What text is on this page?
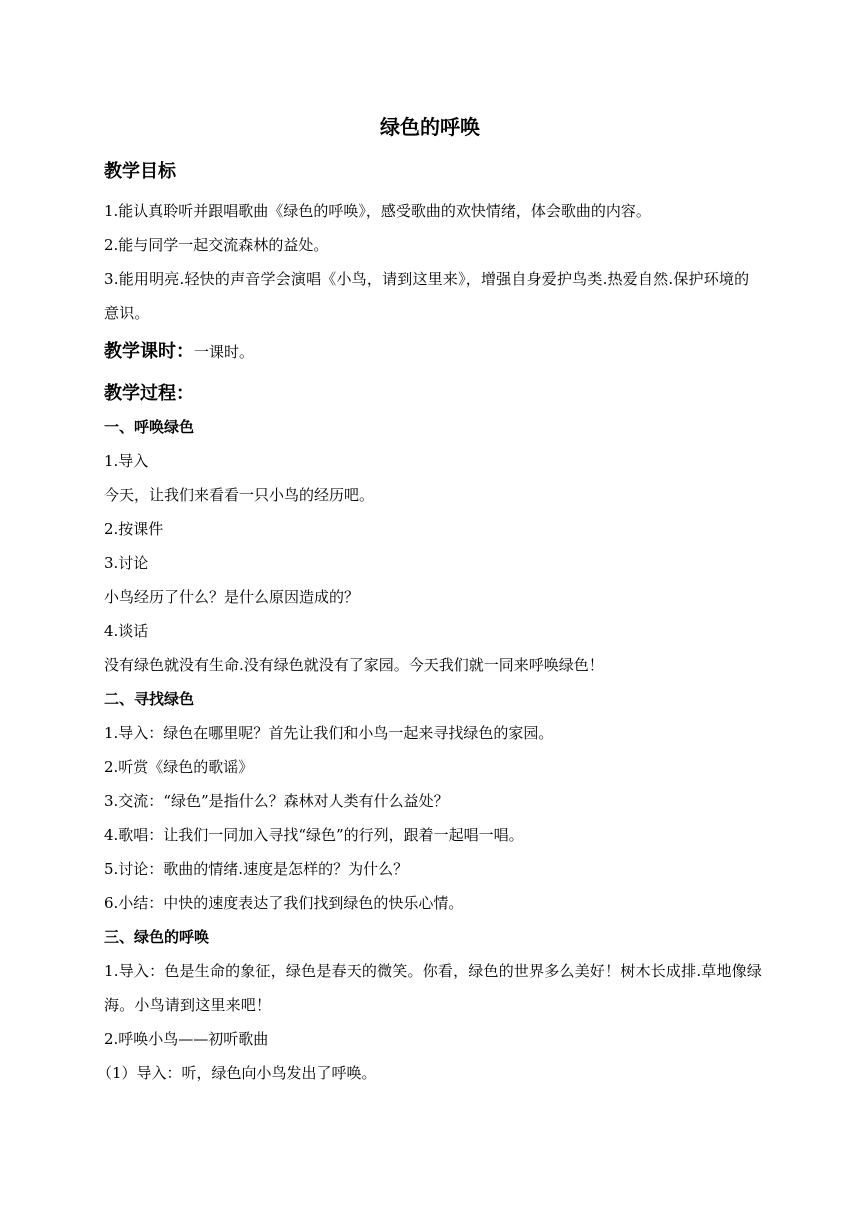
绿色的呼唤
教学目标
1.能认真聆听并跟唱歌曲《绿色的呼唤》，感受歌曲的欢快情绪，体会歌曲的内容。
2.能与同学一起交流森林的益处。
3.能用明亮.轻快的声音学会演唱《小鸟，请到这里来》，增强自身爱护鸟类.热爱自然.保护环境的意识。
教学课时：一课时。
教学过程：
一、呼唤绿色
1.导入
今天，让我们来看看一只小鸟的经历吧。
2.按课件
3.讨论
小鸟经历了什么？是什么原因造成的？
4.谈话
没有绿色就没有生命.没有绿色就没有了家园。今天我们就一同来呼唤绿色！
二、寻找绿色
1.导入：绿色在哪里呢？首先让我们和小鸟一起来寻找绿色的家园。
2.听赏《绿色的歌谣》
3.交流：“绿色”是指什么？森林对人类有什么益处？
4.歌唱：让我们一同加入寻找“绿色”的行列，跟着一起唱一唱。
5.讨论：歌曲的情绪.速度是怎样的？为什么？
6.小结：中快的速度表达了我们找到绿色的快乐心情。
三、绿色的呼唤
1.导入：色是生命的象征，绿色是春天的微笑。你看，绿色的世界多么美好！树木长成排.草地像绿海。小鸟请到这里来吧！
2.呼唤小鸟——初听歌曲
（1）导入：听，绿色向小鸟发出了呼唤。
